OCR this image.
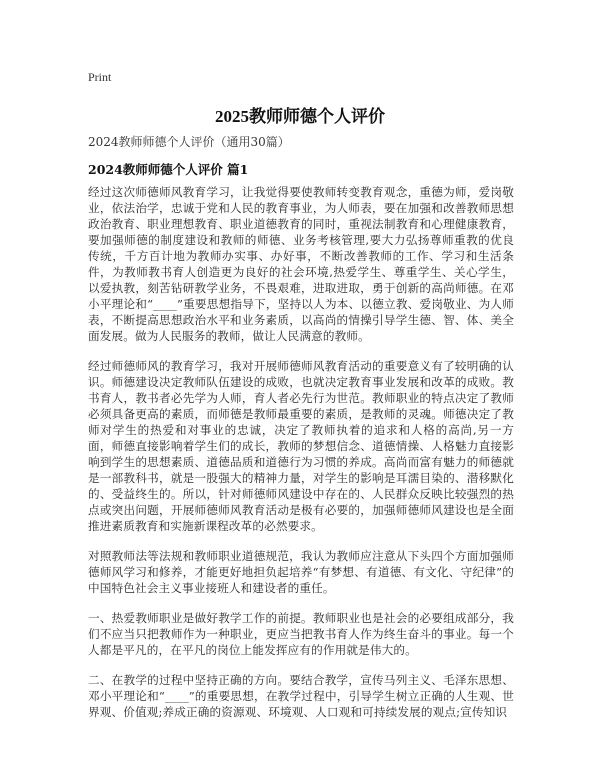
Print
2025教师师德个人评价
2024教师师德个人评价（通用30篇）
2024教师师德个人评价 篇1

经过这次师德师风教育学习，让我觉得要使教师转变教育观念，重德为师，爱岗敬业，依法治学，忠诚于党和人民的教育事业，为人师表，要在加强和改善教师思想政治教育、职业理想教育、职业道德教育的同时，重视法制教育和心理健康教育，要加强师德的制度建设和教师的师德、业务考核管理,要大力弘扬尊师重教的优良传统，千方百计地为教师办实事、办好事，不断改善教师的工作、学习和生活条件，为教师教书育人创造更为良好的社会环境,热爱学生、尊重学生、关心学生，以爱执教，刻苦钻研教学业务，不畏艰难，进取进取，勇于创新的高尚师德。在邓小平理论和“____”重要思想指导下，坚持以人为本、以德立教、爱岗敬业、为人师表，不断提高思想政治水平和业务素质，以高尚的情操引导学生德、智、体、美全面发展。做为人民服务的教师，做让人民满意的教师。

经过师德师风的教育学习，我对开展师德师风教育活动的重要意义有了较明确的认识。师德建设决定教师队伍建设的成败，也就决定教育事业发展和改革的成败。教书育人，教书者必先学为人师，育人者必先行为世范。教师职业的特点决定了教师必须具备更高的素质，而师德是教师最重要的素质，是教师的灵魂。师德决定了教师对学生的热爱和对事业的忠诚，决定了教师执着的追求和人格的高尚,另一方面，师德直接影响着学生们的成长，教师的梦想信念、道德情操、人格魅力直接影响到学生的思想素质、道德品质和道德行为习惯的养成。高尚而富有魅力的师德就是一部教科书，就是一股强大的精神力量，对学生的影响是耳濡目染的、潜移默化的、受益终生的。所以，针对师德师风建设中存在的、人民群众反映比较强烈的热点或突出问题，开展师德师风教育活动是极有必要的，加强师德师风建设也是全面推进素质教育和实施新课程改革的必然要求。

对照教师法等法规和教师职业道德规范，我认为教师应注意从下头四个方面加强师德师风学习和修养，才能更好地担负起培养“有梦想、有道德、有文化、守纪律”的中国特色社会主义事业接班人和建设者的重任。

一、热爱教师职业是做好教学工作的前提。教师职业也是社会的必要组成部分，我们不应当只把教师作为一种职业，更应当把教书育人作为终生奋斗的事业。每一个人都是平凡的，在平凡的岗位上能发挥应有的作用就是伟大的。

二、在教学的过程中坚持正确的方向。要结合教学，宣传马列主义、毛泽东思想、邓小平理论和“____”的重要思想，在教学过程中，引导学生树立正确的人生观、世界观、价值观;养成正确的资源观、环境观、人口观和可持续发展的观点;宣传知识
